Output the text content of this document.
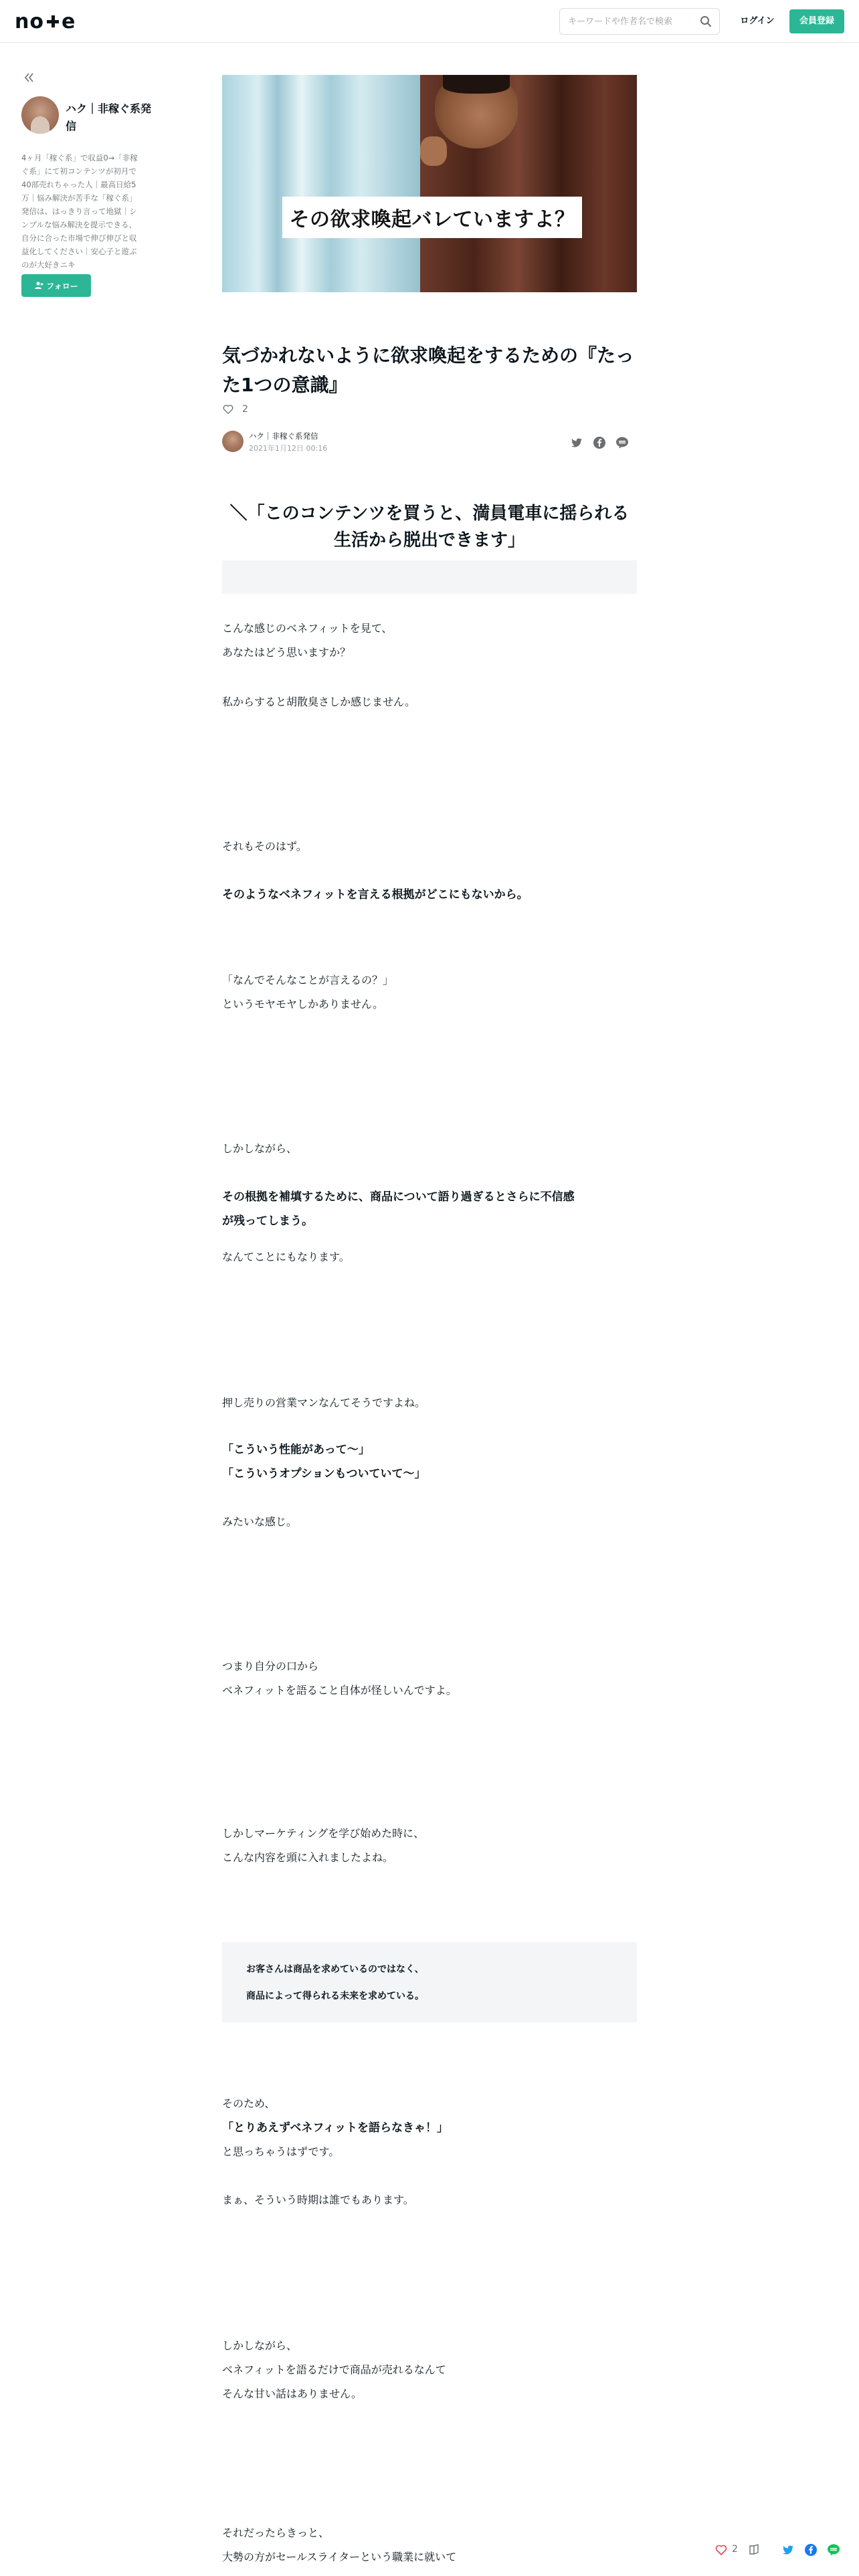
no e
キーワードや作者名で検索	ログイン	会員登録
ハク｜非稼ぐ系発信
4ヶ月「稼ぐ系」で収益0→「非稼ぐ系」にて初コンテンツが初月で40部売れちゃった人｜最高日給5万｜悩み解決が苦手な「稼ぐ系」発信は、はっきり言って地獄｜シンプルな悩み解決を提示できる、自分に合った市場で伸び伸びと収益化してください｜安心子と遊ぶのが大好きニキ
フォロー
その欲求喚起バレていますよ？
気づかれないように欲求喚起をするための『たった1つの意識』
2
ハク｜非稼ぐ系発信
2021年1月12日 00:16
＼「このコンテンツを買うと、満員電車に揺られる生活から脱出できます」
こんな感じのベネフィットを見て、
あなたはどう思いますか？
私からすると胡散臭さしか感じません。
それもそのはず。
そのようなベネフィットを言える根拠がどこにもないから。
「なんでそんなことが言えるの？」
というモヤモヤしかありません。
しかしながら、
その根拠を補填するために、商品について語り過ぎるとさらに不信感
が残ってしまう。
なんてことにもなります。
押し売りの営業マンなんてそうですよね。
「こういう性能があって〜」
「こういうオプションもついていて〜」
みたいな感じ。
つまり自分の口から
ベネフィットを語ること自体が怪しいんですよ。
しかしマーケティングを学び始めた時に、
こんな内容を頭に入れましたよね。
お客さんは商品を求めているのではなく、
商品によって得られる未来を求めている。
そのため、
「とりあえずベネフィットを語らなきゃ！」
と思っちゃうはずです。
まぁ、そういう時期は誰でもあります。
しかしながら、
ベネフィットを語るだけで商品が売れるなんて
そんな甘い話はありません。
それだったらきっと、
大勢の方がセールスライターという職業に就いて
2
